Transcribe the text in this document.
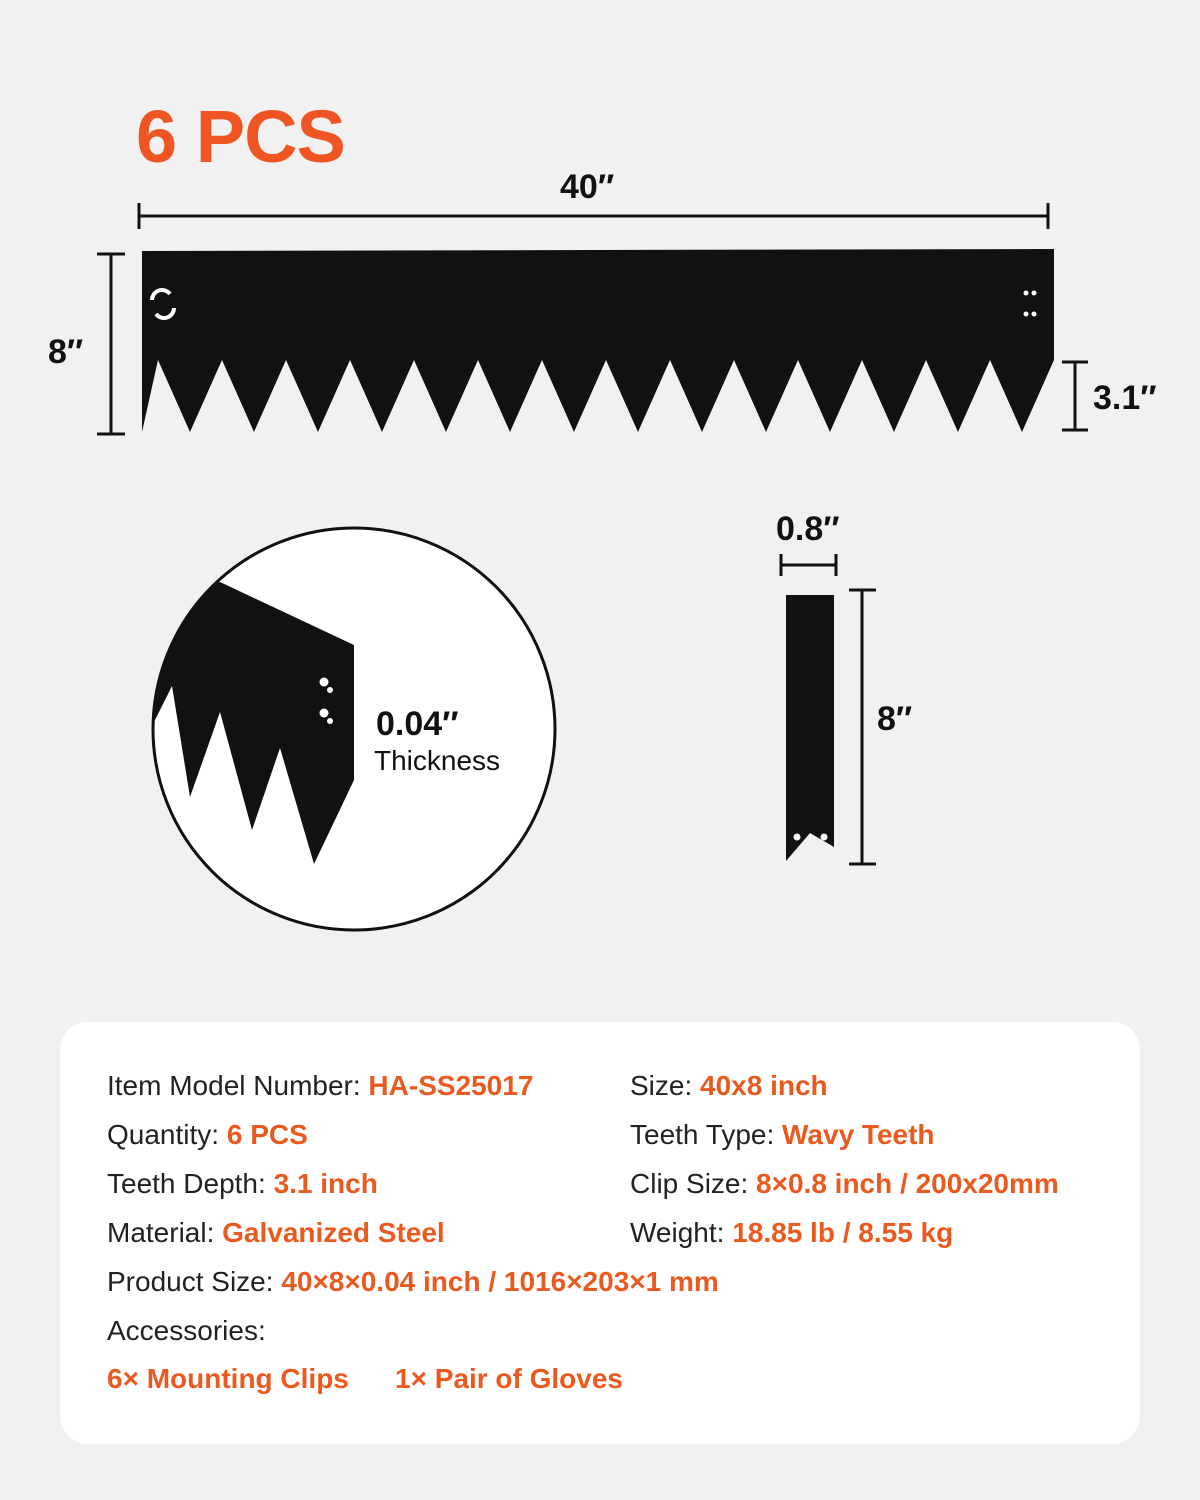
6 PCS
40′′
8′′
3.1′′
0.04′′
Thickness
0.8′′
8′′
Item Model Number: HA-SS25017	Size: 40x8 inch
Quantity: 6 PCS	Teeth Type: Wavy Teeth
Teeth Depth: 3.1 inch	Clip Size: 8×0.8 inch / 200x20mm
Material: Galvanized Steel	Weight: 18.85 lb / 8.55 kg
Product Size: 40×8×0.04 inch / 1016×203×1 mm
Accessories:
6× Mounting Clips 1× Pair of Gloves
